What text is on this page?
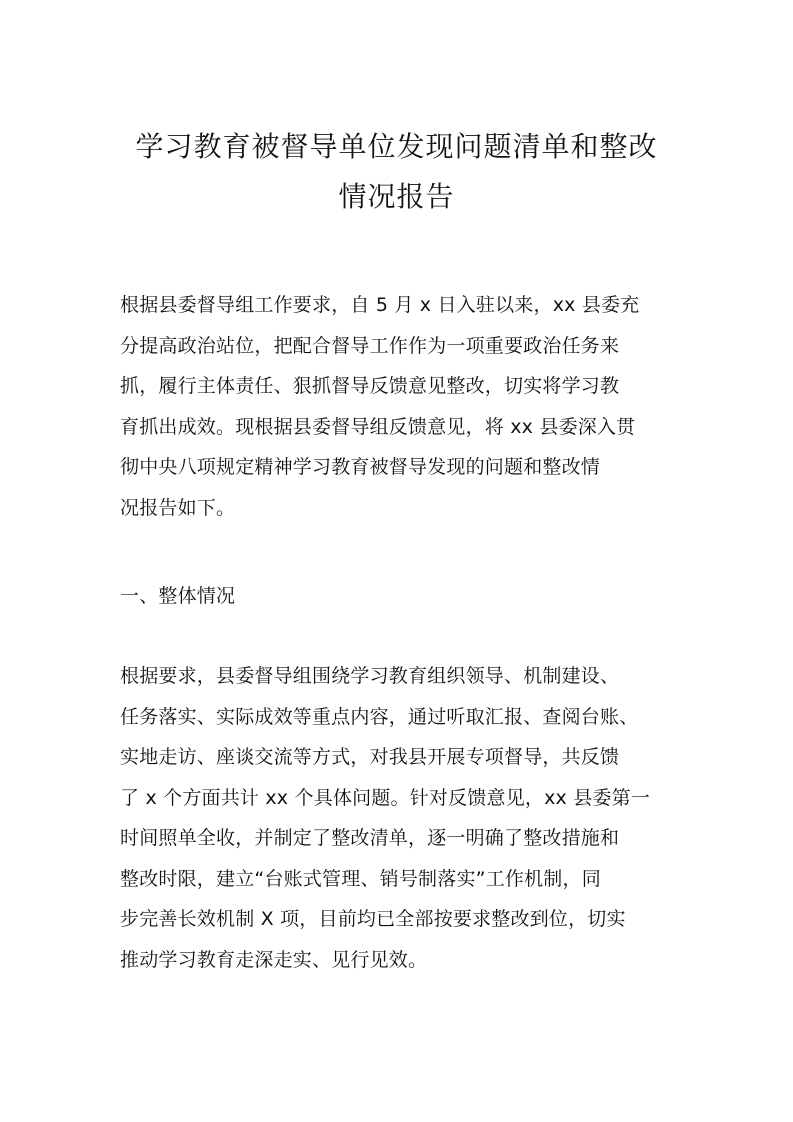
学习教育被督导单位发现问题清单和整改
情况报告
根据县委督导组工作要求，自 5 月 x 日入驻以来，xx 县委充
分提高政治站位，把配合督导工作作为一项重要政治任务来
抓，履行主体责任、狠抓督导反馈意见整改，切实将学习教
育抓出成效。现根据县委督导组反馈意见，将 xx 县委深入贯
彻中央八项规定精神学习教育被督导发现的问题和整改情
况报告如下。
一、整体情况
根据要求，县委督导组围绕学习教育组织领导、机制建设、
任务落实、实际成效等重点内容，通过听取汇报、查阅台账、
实地走访、座谈交流等方式，对我县开展专项督导，共反馈
了 x 个方面共计 xx 个具体问题。针对反馈意见，xx 县委第一
时间照单全收，并制定了整改清单，逐一明确了整改措施和
整改时限，建立“台账式管理、销号制落实”工作机制，同
步完善长效机制 X 项，目前均已全部按要求整改到位，切实
推动学习教育走深走实、见行见效。
